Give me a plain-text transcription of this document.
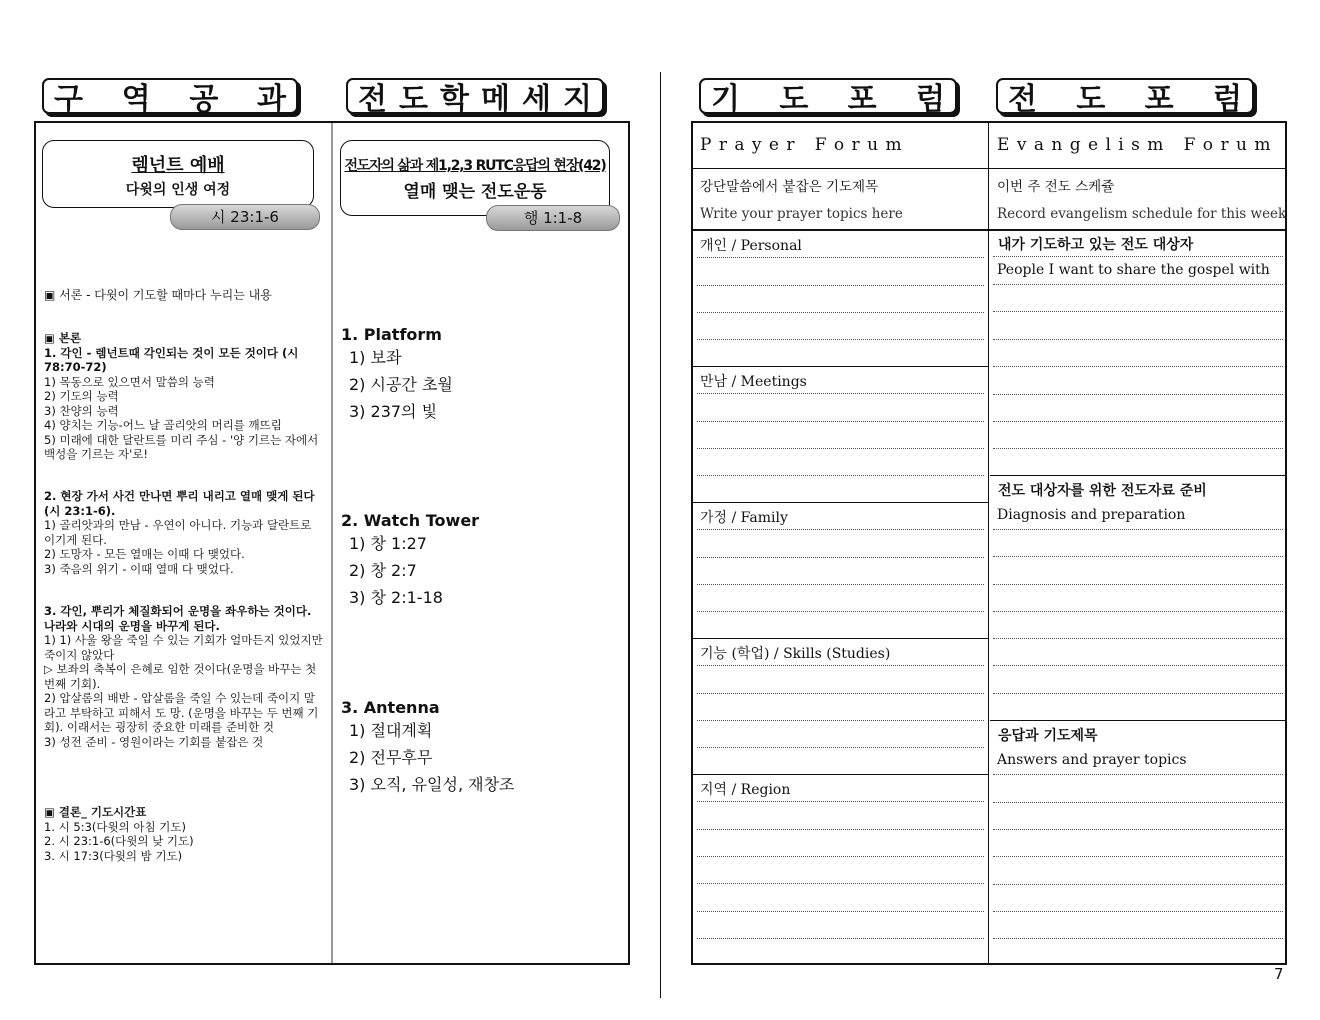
구 역 공 과 전 도 학 메 세 지
렘넌트 예배
다윗의 인생 여정
시 23:1-6
▣ 서론 - 다윗이 기도할 때마다 누리는 내용
▣ 본론
1. 각인 - 렘넌트때 각인되는 것이 모든 것이다 (시 78:70-72)
1) 목동으로 있으면서 말씀의 능력
2) 기도의 능력
3) 찬양의 능력
4) 양치는 기능-어느 날 골리앗의 머리를 깨뜨림
5) 미래에 대한 달란트를 미리 주심 - '양 기르는 자에서 백성을 기르는 자'로!
2. 현장 가서 사건 만나면 뿌리 내리고 열매 맺게 된다(시 23:1-6).
1) 골리앗과의 만남 - 우연이 아니다. 기능과 달란트로 이기게 된다.
2) 도망자 - 모든 열매는 이때 다 맺었다.
3) 죽음의 위기 - 이때 열매 다 맺었다.
3. 각인, 뿌리가 체질화되어 운명을 좌우하는 것이다. 나라와 시대의 운명을 바꾸게 된다.
1) 1) 사울 왕을 죽일 수 있는 기회가 얼마든지 있었지만 죽이지 않았다
▷ 보좌의 축복이 은혜로 임한 것이다(운명을 바꾸는 첫 번째 기회).
2) 압살롬의 배반 - 압살롬을 죽일 수 있는데 죽이지 말라고 부탁하고 피해서 도 망. (운명을 바꾸는 두 번째 기회). 이래서는 굉장히 중요한 미래를 준비한 것
3) 성전 준비 - 영원이라는 기회를 붙잡은 것
▣ 결론_ 기도시간표
1. 시 5:3(다윗의 아침 기도)
2. 시 23:1-6(다윗의 낮 기도)
3. 시 17:3(다윗의 밤 기도)
전도자의 삶과 제1,2,3 RUTC응답의 현장(42)
열매 맺는 전도운동
행 1:1-8
1. Platform
1) 보좌
2) 시공간 초월
3) 237의 빛
2. Watch Tower
1) 창 1:27
2) 창 2:7
3) 창 2:1-18
3. Antenna
1) 절대계획
2) 전무후무
3) 오직, 유일성, 재창조
기 도 포 럼 전 도 포 럼
P r a y e r   F o r u m	E v a n g e l i s m   F o r u m
강단말씀에서 붙잡은 기도제목
Write your prayer topics here
이번 주 전도 스케쥴
Record evangelism schedule for this week
개인 / Personal
만남 / Meetings
가정 / Family
기능 (학업) / Skills (Studies)
지역 / Region
내가 기도하고 있는 전도 대상자
People I want to share the gospel with
전도 대상자를 위한 전도자료 준비
Diagnosis and preparation
응답과 기도제목
Answers and prayer topics
7
